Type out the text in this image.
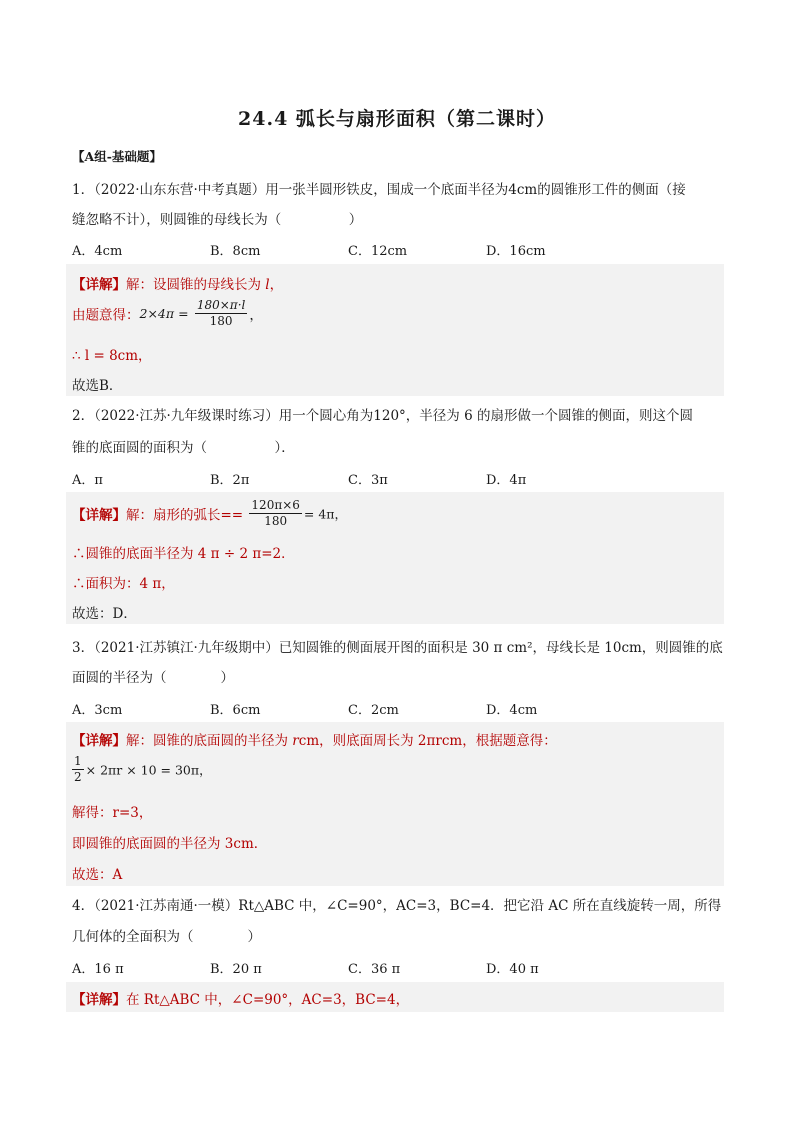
24.4 弧长与扇形面积（第二课时）
【A组-基础题】
1．（2022·山东东营·中考真题）用一张半圆形铁皮，围成一个底面半径为4cm的圆锥形工件的侧面（接
缝忽略不计），则圆锥的母线长为（　　　　　）
A．4cm	B．8cm	C．12cm	D．16cm
【详解】解：设圆锥的母线长为 l，
由题意得：$2\times 4\pi = \frac{180\times\pi\cdot l}{180}$ ，
∴ l = 8cm，
故选B．
2．（2022·江苏·九年级课时练习）用一个圆心角为120°，半径为 6 的扇形做一个圆锥的侧面，则这个圆
锥的底面圆的面积为（　　　　　）．
A．π	B．2π	C．3π	D．4π
【详解】解：扇形的弧长== $\frac{120\pi\times 6}{180} = 4\pi$，
∴圆锥的底面半径为 4 π ÷ 2 π=2．
∴面积为：4 π，
故选：D．
3．（2021·江苏镇江·九年级期中）已知圆锥的侧面展开图的面积是 30 π cm²，母线长是 10cm，则圆锥的底
面圆的半径为（　　　　）
A．3cm	B．6cm	C．2cm	D．4cm
【详解】解：圆锥的底面圆的半径为 rcm，则底面周长为 2πrcm，根据题意得：
$\frac{1}{2} \times 2\pi r \times 10 = 30\pi$，
解得：r=3，
即圆锥的底面圆的半径为 3cm．
故选：A
4．（2021·江苏南通·一模）Rt△ABC 中，∠C=90°，AC=3，BC=4．把它沿 AC 所在直线旋转一周，所得
几何体的全面积为（　　　　）
A．16 π	B．20 π	C．36 π	D．40 π
【详解】在 Rt△ABC 中，∠C=90°，AC=3，BC=4，
